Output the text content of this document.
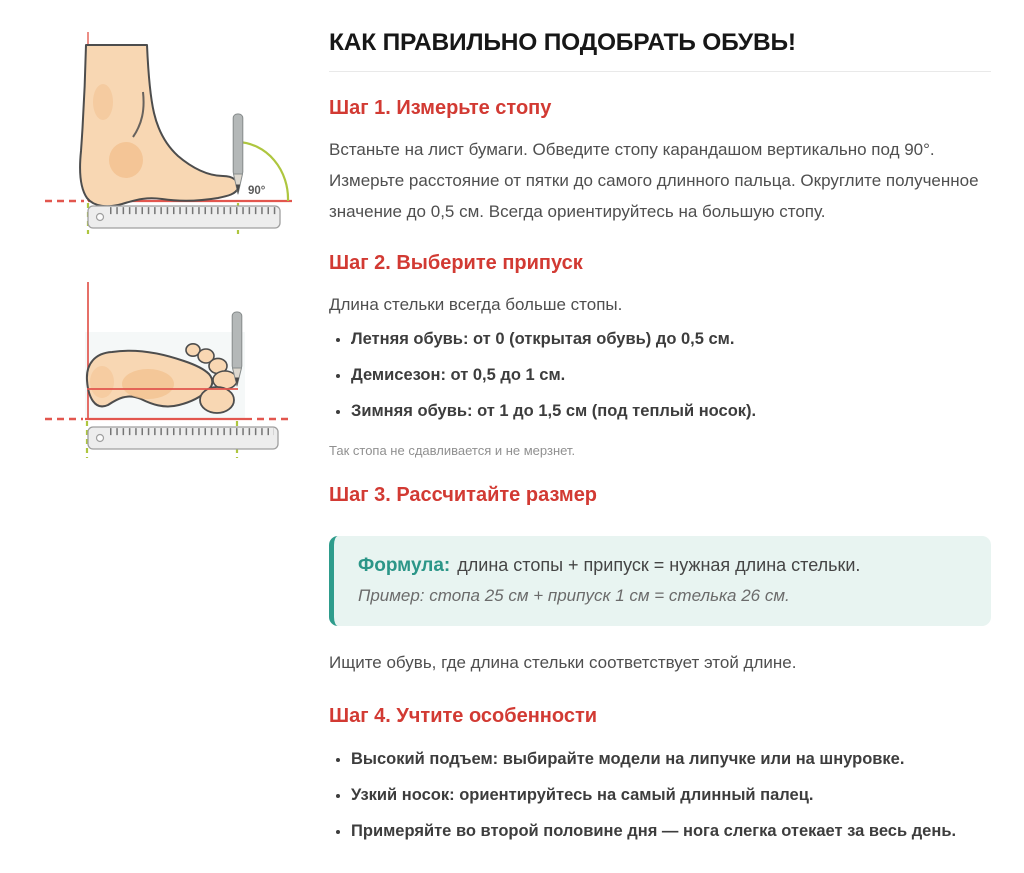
90°
КАК ПРАВИЛЬНО ПОДОБРАТЬ ОБУВЬ!
Шаг 1. Измерьте стопу

Встаньте на лист бумаги. Обведите стопу карандашом вертикально под 90°. Измерьте расстояние от пятки до самого длинного пальца. Округлите полученное значение до 0,5 см. Всегда ориентируйтесь на большую стопу.

Шаг 2. Выберите припуск

Длина стельки всегда больше стопы.

• Летняя обувь: от 0 (открытая обувь) до 0,5 см.
• Демисезон: от 0,5 до 1 см.
• Зимняя обувь: от 1 до 1,5 см (под теплый носок).

Так стопа не сдавливается и не мерзнет.

Шаг 3. Рассчитайте размер
Формула: длина стопы + припуск = нужная длина стельки.
Пример: стопа 25 см + припуск 1 см = стелька 26 см.

Ищите обувь, где длина стельки соответствует этой длине.

Шаг 4. Учтите особенности
• Высокий подъем: выбирайте модели на липучке или на шнуровке.
• Узкий носок: ориентируйтесь на самый длинный палец.
• Примеряйте во второй половине дня — нога слегка отекает за весь день.
